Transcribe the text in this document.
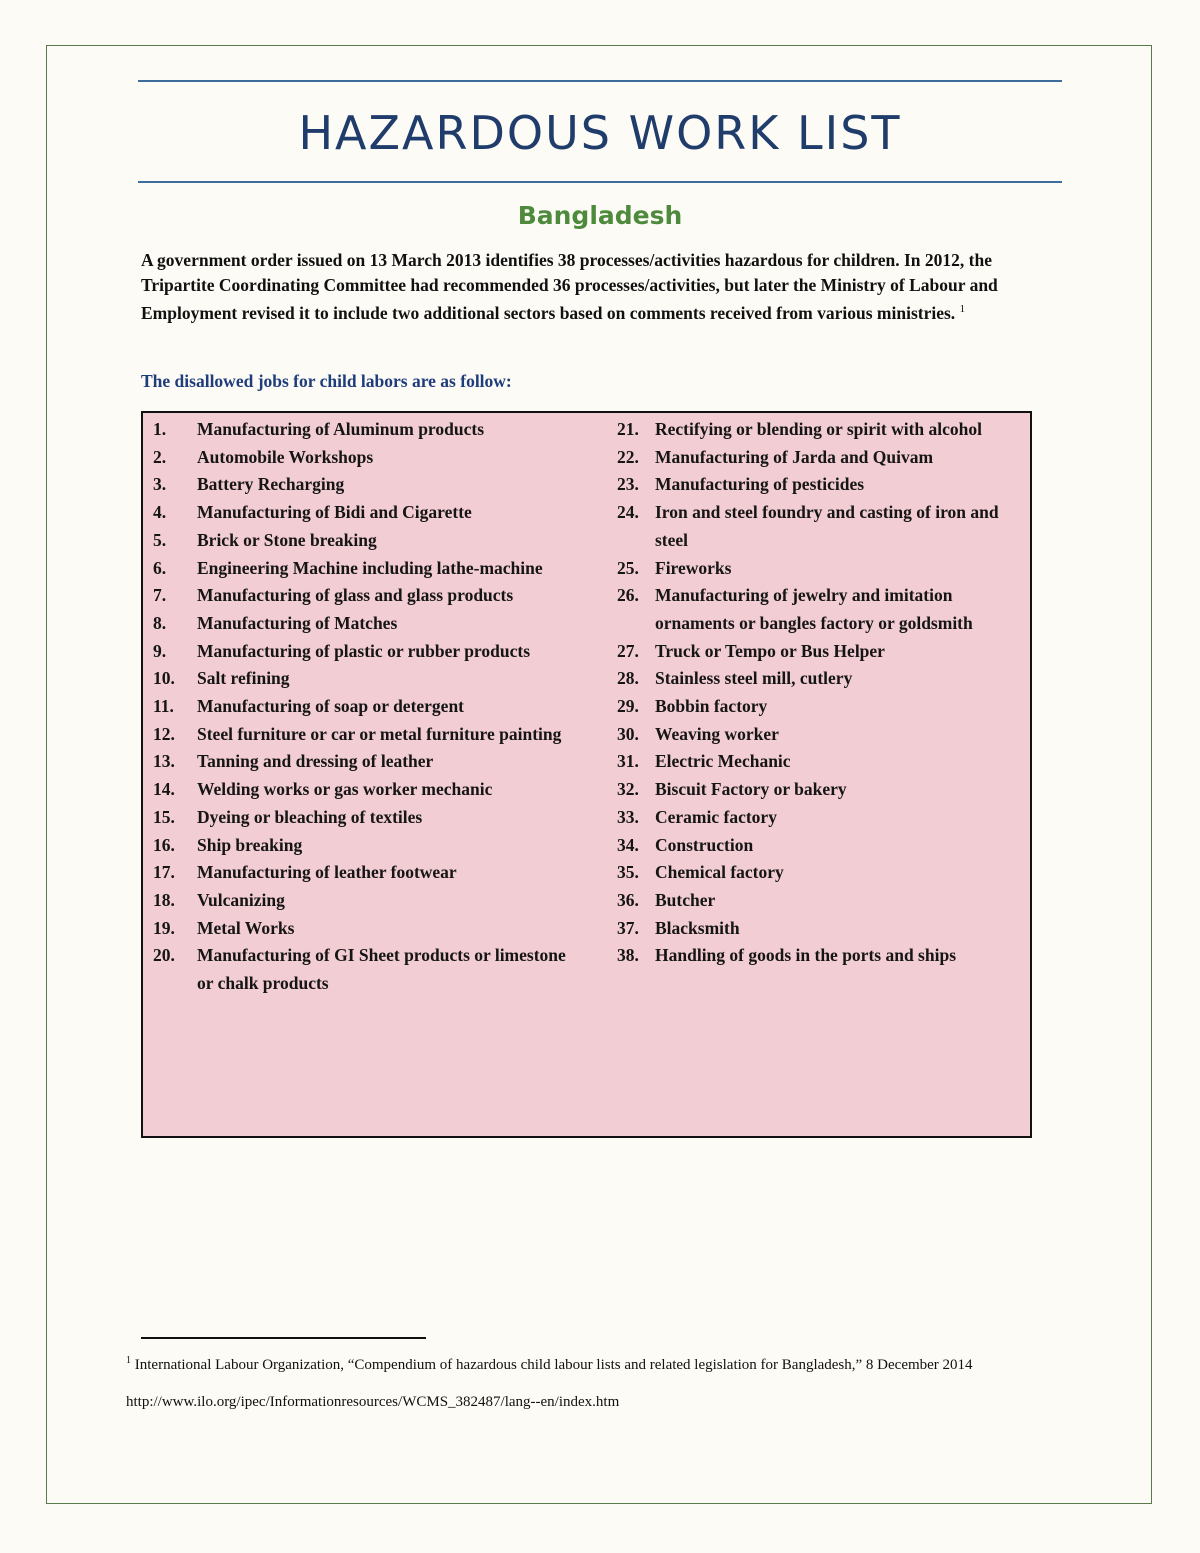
HAZARDOUS WORK LIST
Bangladesh

A government order issued on 13 March 2013 identifies 38 processes/activities hazardous for children. In 2012, the Tripartite Coordinating Committee had recommended 36 processes/activities, but later the Ministry of Labour and Employment revised it to include two additional sectors based on comments received from various ministries. $^1$

The disallowed jobs for child labors are as follow:

1. Manufacturing of Aluminum products
2. Automobile Workshops
3. Battery Recharging
4. Manufacturing of Bidi and Cigarette
5. Brick or Stone breaking
6. Engineering Machine including lathe-machine
7. Manufacturing of glass and glass products
8. Manufacturing of Matches
9. Manufacturing of plastic or rubber products
10. Salt refining
11. Manufacturing of soap or detergent
12. Steel furniture or car or metal furniture painting
13. Tanning and dressing of leather
14. Welding works or gas worker mechanic
15. Dyeing or bleaching of textiles
16. Ship breaking
17. Manufacturing of leather footwear
18. Vulcanizing
19. Metal Works
20. Manufacturing of GI Sheet products or limestone or chalk products
21. Rectifying or blending or spirit with alcohol
22. Manufacturing of Jarda and Quivam
23. Manufacturing of pesticides
24. Iron and steel foundry and casting of iron and steel
25. Fireworks
26. Manufacturing of jewelry and imitation ornaments or bangles factory or goldsmith
27. Truck or Tempo or Bus Helper
28. Stainless steel mill, cutlery
29. Bobbin factory
30. Weaving worker
31. Electric Mechanic
32. Biscuit Factory or bakery
33. Ceramic factory
34. Construction
35. Chemical factory
36. Butcher
37. Blacksmith
38. Handling of goods in the ports and ships

$^1$ International Labour Organization, “Compendium of hazardous child labour lists and related legislation for Bangladesh,” 8 December 2014

http://www.ilo.org/ipec/Informationresources/WCMS_382487/lang--en/index.htm
